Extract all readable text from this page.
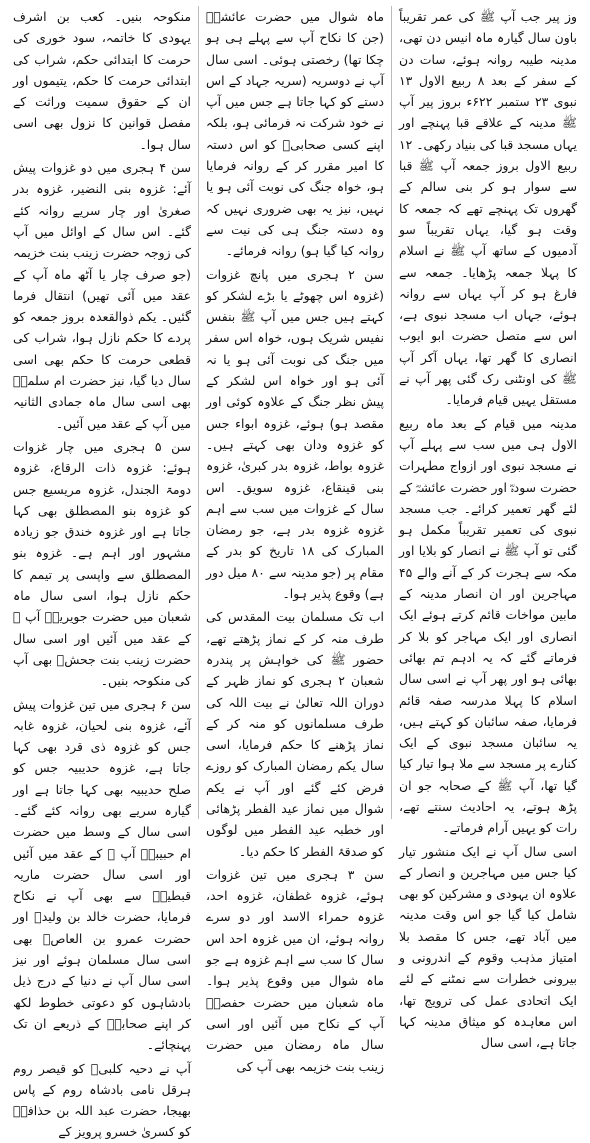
وز پیر جب آپ ﷺ کی عمر تقریباً باون سال گیارہ ماہ انیس دن تھی، مدینہ طیبہ روانہ ہوئے، سات دن کے سفر کے بعد ۸ ربیع الاول ١٣ نبوی ۲۳ ستمبر ۶۲۲ء بروز پیر آپ ﷺ مدینہ کے علاقے قبا پہنچے اور یہاں مسجد قبا کی بنیاد رکھی۔ ۱۲ ربیع الاول بروز جمعہ آپ ﷺ قبا سے سوار ہو کر بنی سالم کے گھروں تک پہنچے تھے کہ جمعہ کا وقت ہو گیا، یہاں تقریباً سو آدمیوں کے ساتھ آپ ﷺ نے اسلام کا پہلا جمعہ پڑھایا۔ جمعہ سے فارغ ہو کر آپ یہاں سے روانہ ہوئے، جہاں اب مسجد نبوی ہے، اس سے متصل حضرت ابو ایوب انصاری کا گھر تھا، یہاں آکر آپ ﷺ کی اونٹنی رک گئی پھر آپ نے مستقل یہیں قیام فرمایا۔

مدینہ میں قیام کے بعد ماہ ربیع الاول ہی میں سب سے پہلے آپ نے مسجد نبوی اور ازواج مطہرات حضرت سودہؓ اور حضرت عائشہؓ کے لئے گھر تعمیر کرائے۔ جب مسجد نبوی کی تعمیر تقریباً مکمل ہو گئی تو آپ ﷺ نے انصار کو بلایا اور مکہ سے ہجرت کر کے آنے والے ۴۵ مہاجرین اور ان انصار مدینہ کے مابین مواخات قائم کرتے ہوئے ایک انصاری اور ایک مہاجر کو بلا کر فرماتے گئے کہ یہ ادہم تم بھائی بھائی ہو اور پھر آپ نے اسی سال اسلام کا پہلا مدرسہ صفہ قائم فرمایا، صفہ سائبان کو کہتے ہیں، یہ سائبان مسجد نبوی کے ایک کنارے پر مسجد سے ملا ہوا تیار کیا گیا تھا، آپ ﷺ کے صحابہ جو ان پڑھ ہوتے، یہ احادیث سنتے تھے، رات کو یہیں آرام فرماتے۔

اسی سال آپ نے ایک منشور تیار کیا جس میں مہاجرین و انصار کے علاوہ ان یہودی و مشرکین کو بھی شامل کیا گیا جو اس وقت مدینہ میں آباد تھے، جس کا مقصد بلا امتیاز مذہب وقوم کے اندرونی و بیرونی خطرات سے نمٹنے کے لئے ایک اتحادی عمل کی ترویج تھا، اس معاہدہ کو میثاق مدینہ کہا جاتا ہے، اسی سال

ماہ شوال میں حضرت عائشہؓ (جن کا نکاح آپ سے پہلے ہی ہو چکا تھا) رخصتی ہوئی۔ اسی سال آپ نے دوسریہ (سریہ جہاد کے اس دستے کو کہا جاتا ہے جس میں آپ نے خود شرکت نہ فرمائی ہو، بلکہ اپنے کسی صحابیؓ کو اس دستہ کا امیر مقرر کر کے روانہ فرمایا ہو، خواہ جنگ کی نوبت آئی ہو یا نہیں، نیز یہ بھی ضروری نہیں کہ وہ دستہ جنگ ہی کی نیت سے روانہ کیا گیا ہو) روانہ فرمائے۔

سن ۲ ہجری میں پانچ غزوات (غزوہ اس چھوٹے یا بڑے لشکر کو کہتے ہیں جس میں آپ ﷺ بنفس نفیس شریک ہوں، خواہ اس سفر میں جنگ کی نوبت آئی ہو یا نہ آئی ہو اور خواہ اس لشکر کے پیش نظر جنگ کے علاوہ کوئی اور مقصد ہو) ہوئے، غزوہ ابواء جس کو غزوہ ودان بھی کہتے ہیں۔ غزوہ بواط، غزوہ بدر کبریٰ، غزوہ بنی قینقاع، غزوہ سویق۔ اس سال کے غزوات میں سب سے اہم غزوہ غزوہ بدر ہے، جو رمضان المبارک کی ۱۸ تاریخ کو بدر کے مقام پر (جو مدینہ سے ۸۰ میل دور ہے) وقوع پذیر ہوا۔

اب تک مسلمان بیت المقدس کی طرف منہ کر کے نماز پڑھتے تھے، حضور ﷺ کی خواہش پر پندرہ شعبان ۲ ہجری کو نماز ظہر کے دوران اللہ تعالیٰ نے بیت اللہ کی طرف مسلمانوں کو منہ کر کے نماز پڑھنے کا حکم فرمایا، اسی سال یکم رمضان المبارک کو روزے فرض کئے گئے اور آپ نے یکم شوال میں نماز عید الفطر پڑھائی اور خطبہ عید الفطر میں لوگوں کو صدقۂ الفطر کا حکم دیا۔

سن ۳ ہجری میں تین غزوات ہوئے، غزوہ غطفان، غزوہ احد، غزوہ حمراء الاسد اور دو سرے روانہ ہوئے، ان میں غزوہ احد اس سال کا سب سے اہم غزوہ ہے جو ماہ شوال میں وقوع پذیر ہوا۔ ماہ شعبان میں حضرت حفصہؓ آپ کے نکاح میں آئیں اور اسی سال ماہ رمضان میں حضرت زینب بنت خزیمہ بھی آپ کی

منکوحہ بنیں۔ کعب بن اشرف یہودی کا خاتمہ، سود خوری کی حرمت کا ابتدائی حکم، شراب کی ابتدائی حرمت کا حکم، یتیموں اور ان کے حقوق سمیت وراثت کے مفصل قوانین کا نزول بھی اسی سال ہوا۔

سن ۴ ہجری میں دو غزوات پیش آئے: غزوہ بنی النضیر، غزوہ بدر صغریٰ اور چار سریے روانہ کئے گئے۔ اس سال کے اوائل میں آپ کی زوجہ حضرت زینب بنت خزیمہ (جو صرف چار یا آٹھ ماہ آپ کے عقد میں آئی تھیں) انتقال فرما گئیں۔ یکم ذوالقعدہ بروز جمعہ کو پردے کا حکم نازل ہوا، شراب کی قطعی حرمت کا حکم بھی اسی سال دیا گیا، نیز حضرت ام سلمہؓ بھی اسی سال ماہ جمادی الثانیہ میں آپ کے عقد میں آئیں۔

سن ۵ ہجری میں چار غزوات ہوئے: غزوہ ذات الرقاع، غزوہ دومۃ الجندل، غزوہ مریسیع جس کو غزوہ بنو المصطلق بھی کہا جاتا ہے اور غزوہ خندق جو زیادہ مشہور اور اہم ہے۔ غزوہ بنو المصطلق سے واپسی پر تیمم کا حکم نازل ہوا، اسی سال ماہ شعبان میں حضرت جویریہؓ آپ ﷺ کے عقد میں آئیں اور اسی سال حضرت زینب بنت جحشؓ بھی آپ کی منکوحہ بنیں۔

سن ۶ ہجری میں تین غزوات پیش آئے، غزوہ بنی لحیان، غزوہ غابہ جس کو غزوہ ذی قرد بھی کہا جاتا ہے، غزوہ حدیبیہ جس کو صلح حدیبیہ بھی کہا جاتا ہے اور گیارہ سریے بھی روانہ کئے گئے۔ اسی سال کے وسط میں حضرت ام حبیبہؓ آپ ﷺ کے عقد میں آئیں اور اسی سال حضرت ماریہ قبطیہؓ سے بھی آپ نے نکاح فرمایا، حضرت خالد بن ولیدؓ اور حضرت عمرو بن العاصؓ بھی اسی سال مسلمان ہوئے اور نیز اسی سال آپ نے دنیا کے درج ذیل بادشاہوں کو دعوتی خطوط لکھ کر اپنے صحابہؓ کے ذریعے ان تک پہنچائے۔

آپ نے دحیہ کلبیؓ کو قیصر روم ہرقل نامی بادشاہ روم کے پاس بھیجا، حضرت عبد اللہ بن حذافہؓ کو کسریٰ خسرو پرویز کے
